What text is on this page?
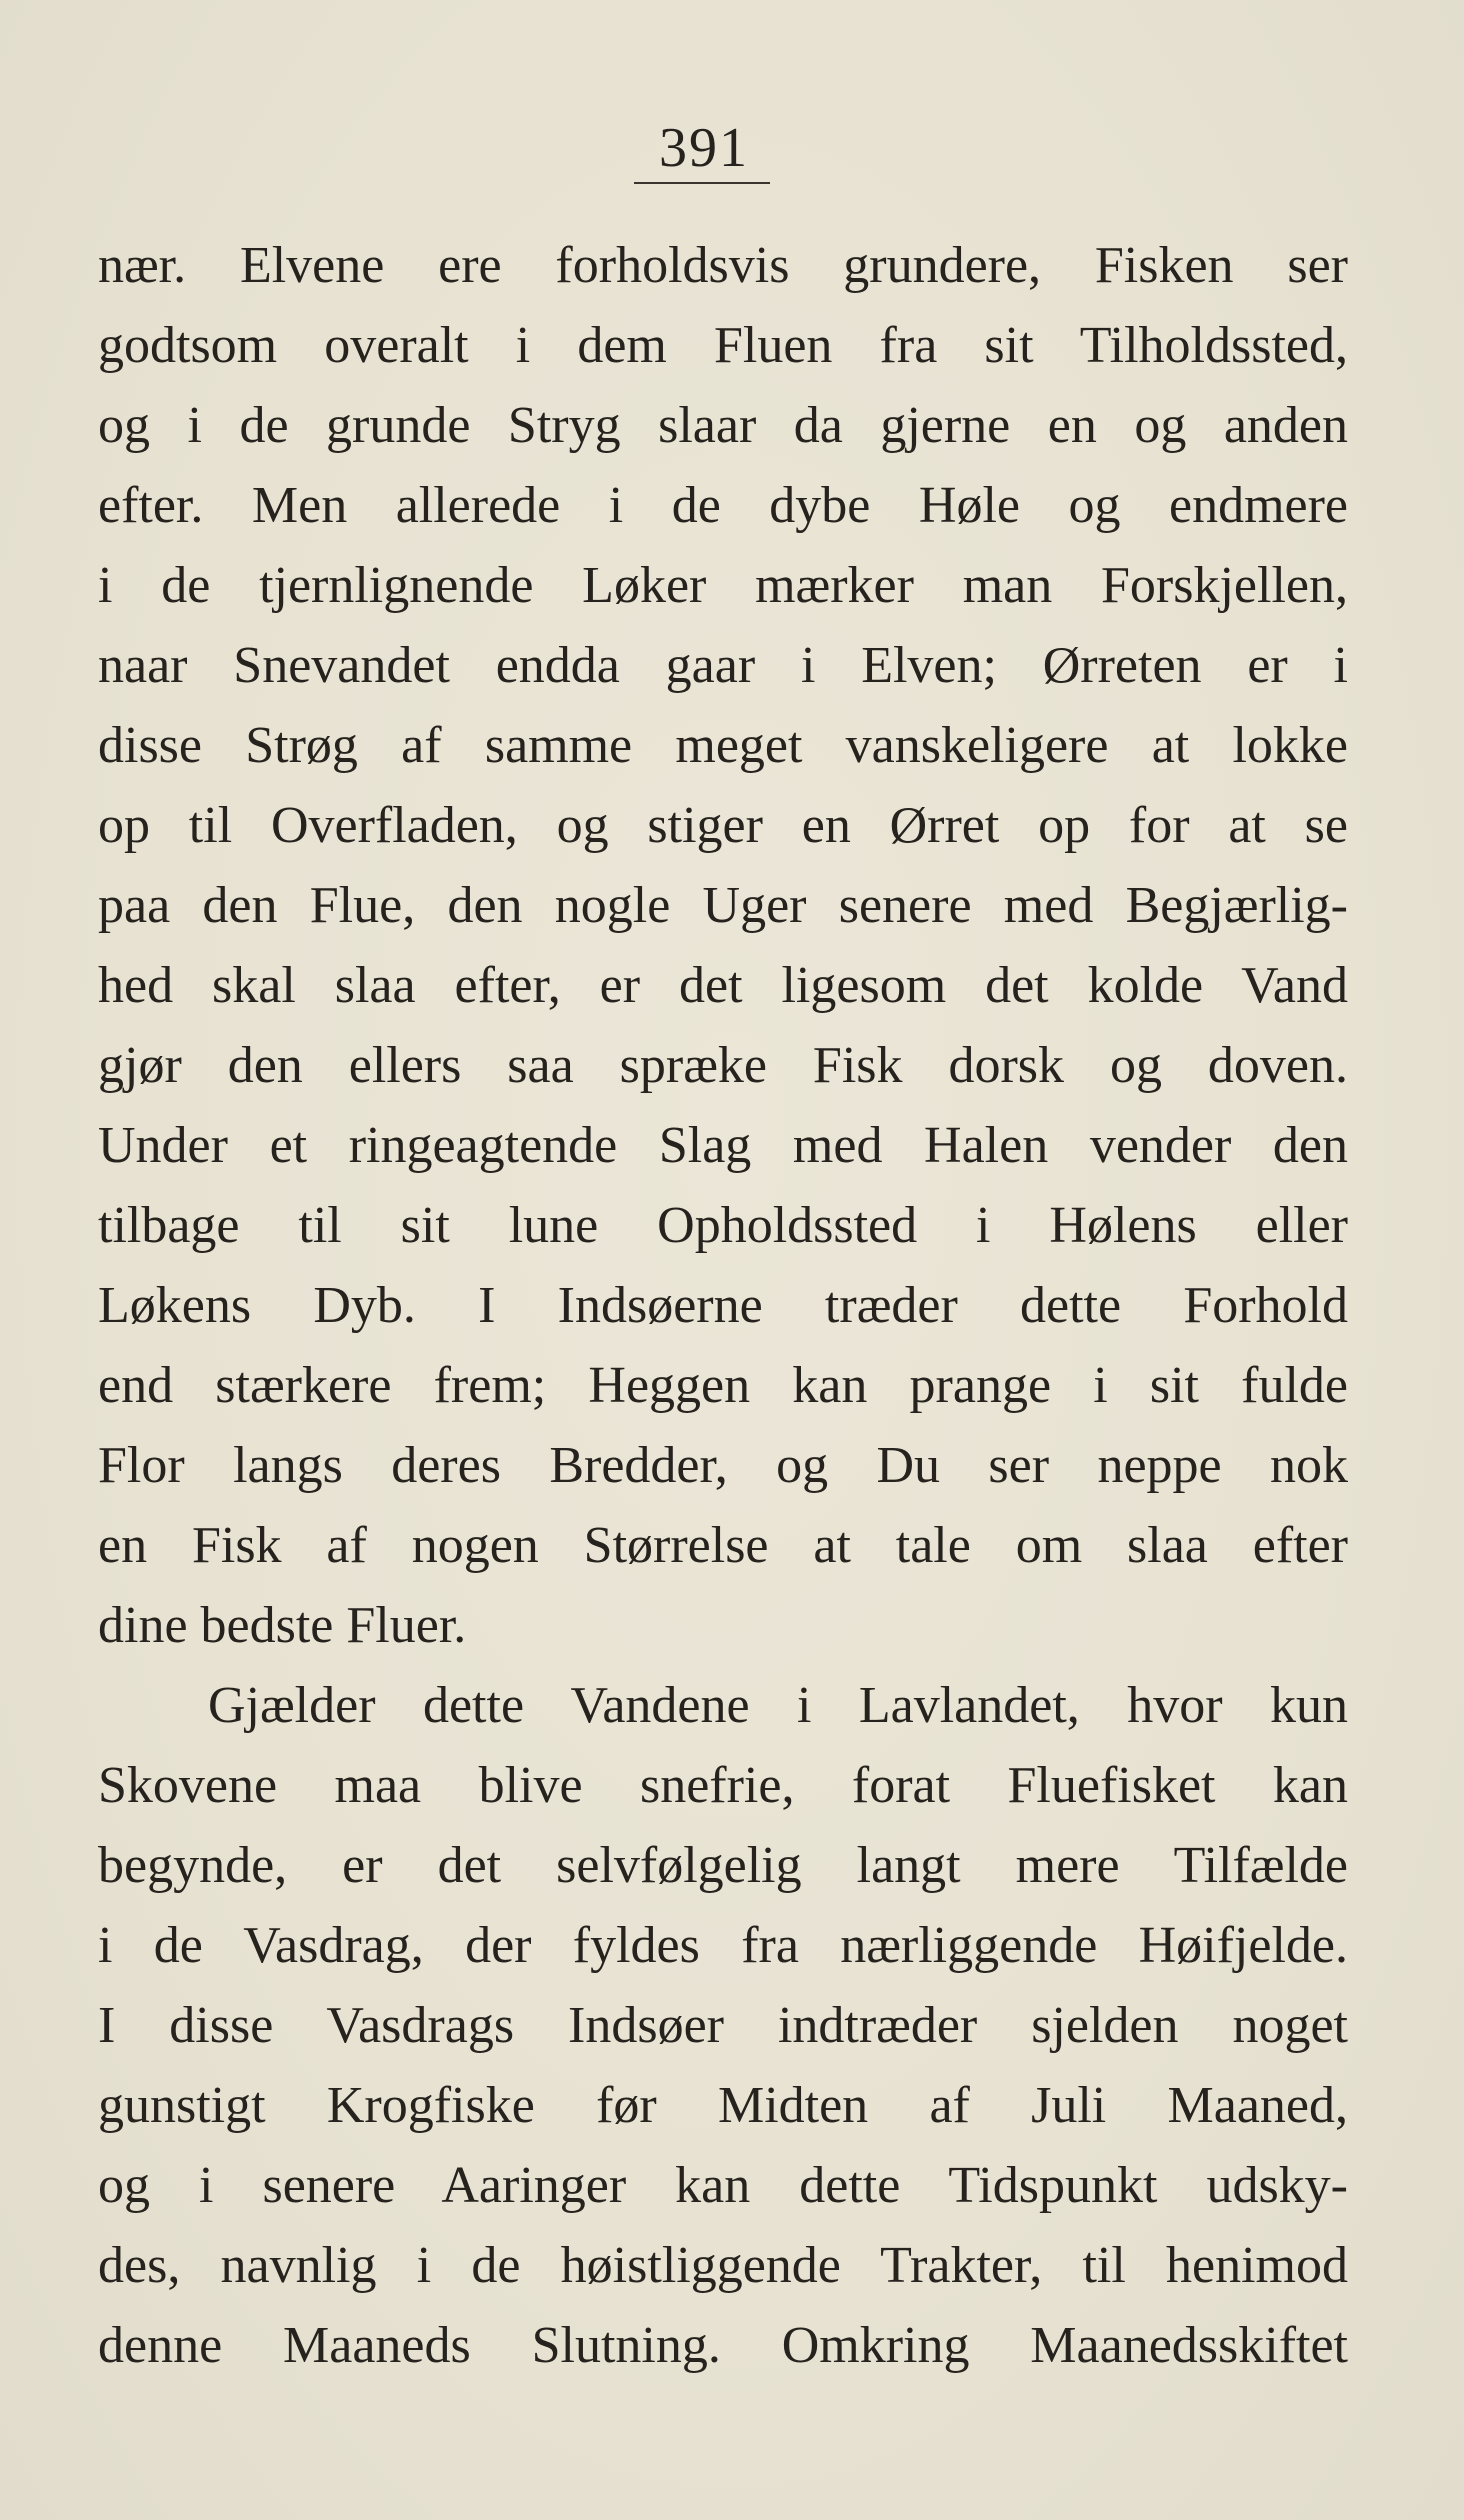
391
nær. Elvene ere forholdsvis grundere, Fisken ser
godtsom overalt i dem Fluen fra sit Tilholdssted,
og i de grunde Stryg slaar da gjerne en og anden
efter. Men allerede i de dybe Høle og endmere
i de tjernlignende Løker mærker man Forskjellen,
naar Snevandet endda gaar i Elven; Ørreten er i
disse Strøg af samme meget vanskeligere at lokke
op til Overfladen, og stiger en Ørret op for at se
paa den Flue, den nogle Uger senere med Begjærlig-
hed skal slaa efter, er det ligesom det kolde Vand
gjør den ellers saa spræke Fisk dorsk og doven.
Under et ringeagtende Slag med Halen vender den
tilbage til sit lune Opholdssted i Hølens eller
Løkens Dyb. I Indsøerne træder dette Forhold
end stærkere frem; Heggen kan prange i sit fulde
Flor langs deres Bredder, og Du ser neppe nok
en Fisk af nogen Størrelse at tale om slaa efter
dine bedste Fluer.
Gjælder dette Vandene i Lavlandet, hvor kun
Skovene maa blive snefrie, forat Fluefisket kan
begynde, er det selvfølgelig langt mere Tilfælde
i de Vasdrag, der fyldes fra nærliggende Høifjelde.
I disse Vasdrags Indsøer indtræder sjelden noget
gunstigt Krogfiske før Midten af Juli Maaned,
og i senere Aaringer kan dette Tidspunkt udsky-
des, navnlig i de høistliggende Trakter, til henimod
denne Maaneds Slutning. Omkring Maanedsskiftet
